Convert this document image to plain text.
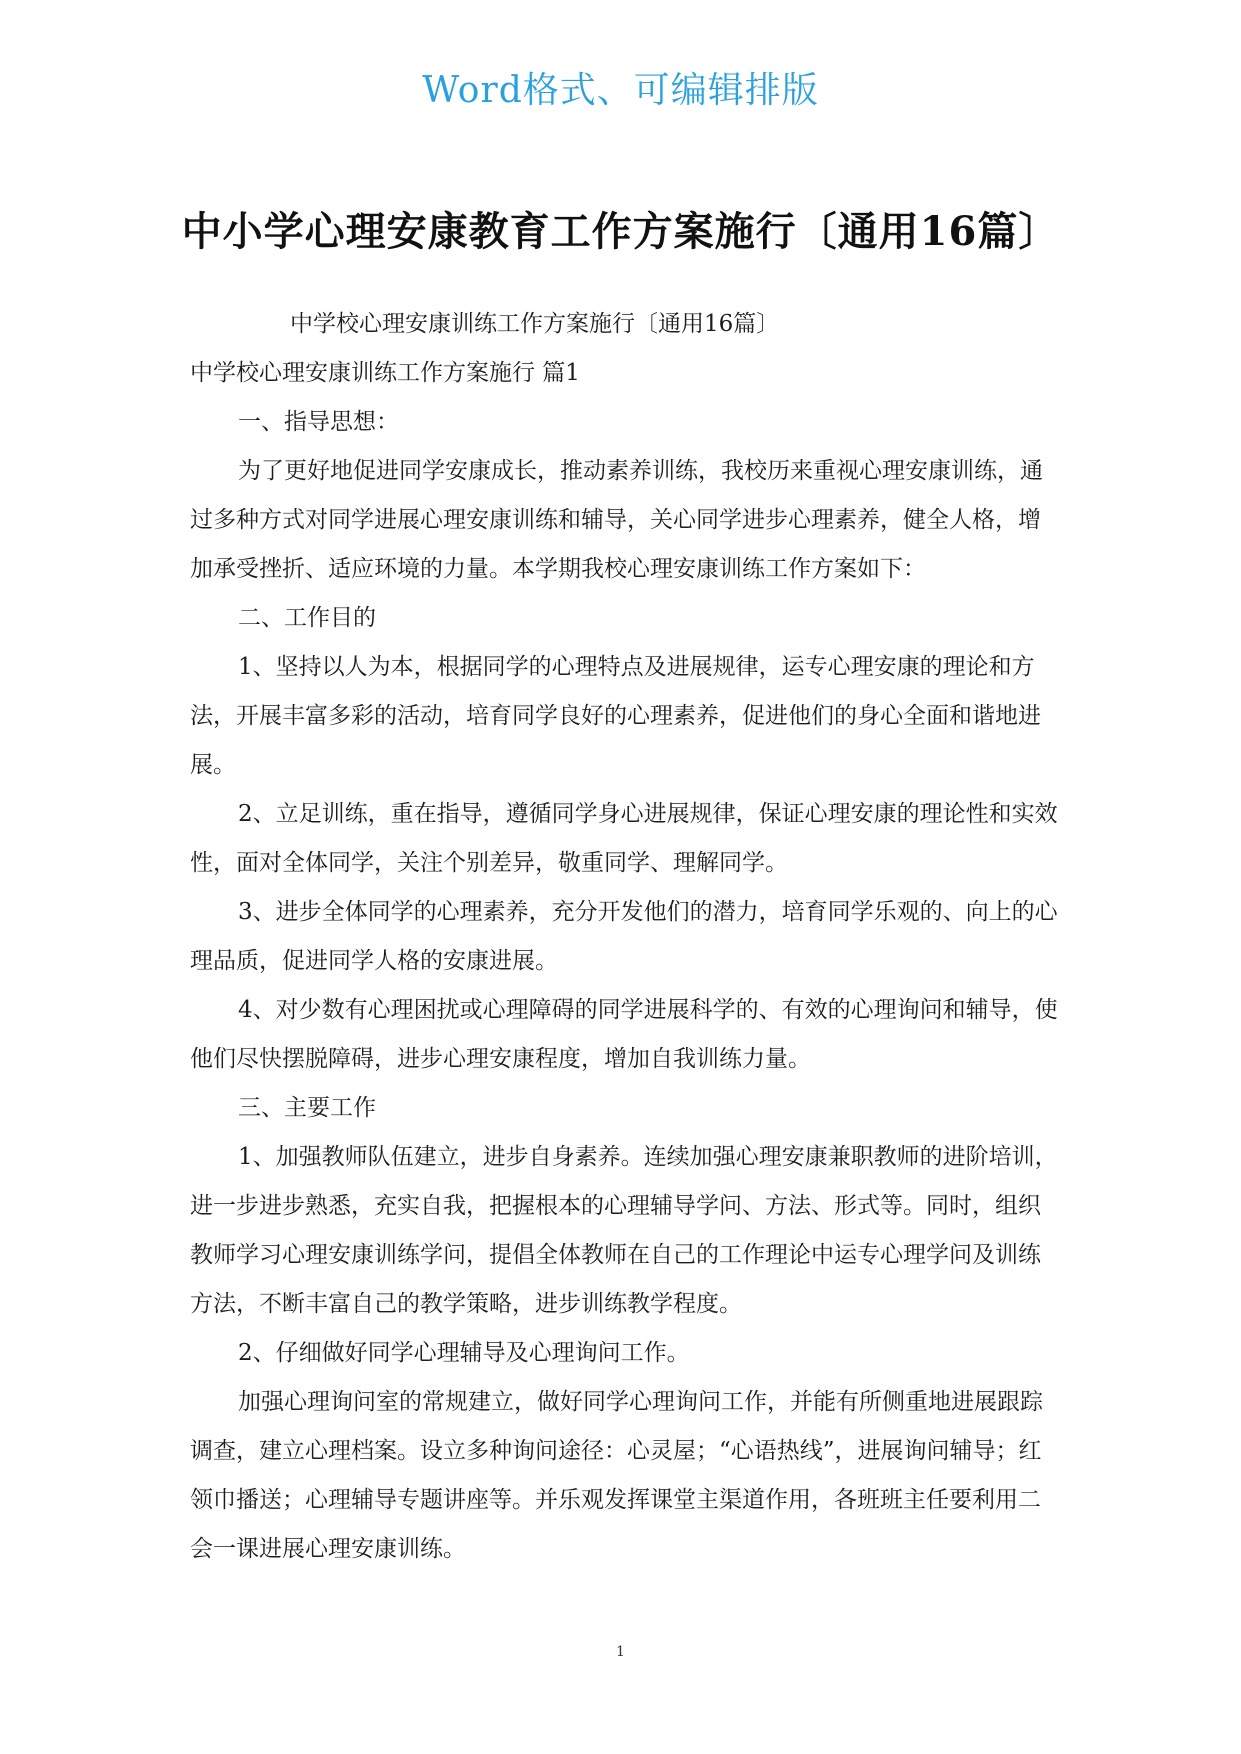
Word格式、可编辑排版
中小学心理安康教育工作方案施行〔通用16篇〕

中学校心理安康训练工作方案施行〔通用16篇〕

中学校心理安康训练工作方案施行 篇1

一、指导思想：

为了更好地促进同学安康成长，推动素养训练，我校历来重视心理安康训练，通过多种方式对同学进展心理安康训练和辅导，关心同学进步心理素养，健全人格，增加承受挫折、适应环境的力量。本学期我校心理安康训练工作方案如下：

二、工作目的

1、坚持以人为本，根据同学的心理特点及进展规律，运专心理安康的理论和方法，开展丰富多彩的活动，培育同学良好的心理素养，促进他们的身心全面和谐地进展。

2、立足训练，重在指导，遵循同学身心进展规律，保证心理安康的理论性和实效性，面对全体同学，关注个别差异，敬重同学、理解同学。

3、进步全体同学的心理素养，充分开发他们的潜力，培育同学乐观的、向上的心理品质，促进同学人格的安康进展。

4、对少数有心理困扰或心理障碍的同学进展科学的、有效的心理询问和辅导，使他们尽快摆脱障碍，进步心理安康程度，增加自我训练力量。

三、主要工作

1、加强教师队伍建立，进步自身素养。连续加强心理安康兼职教师的进阶培训，进一步进步熟悉，充实自我，把握根本的心理辅导学问、方法、形式等。同时，组织教师学习心理安康训练学问，提倡全体教师在自己的工作理论中运专心理学问及训练方法，不断丰富自己的教学策略，进步训练教学程度。

2、仔细做好同学心理辅导及心理询问工作。

加强心理询问室的常规建立，做好同学心理询问工作，并能有所侧重地进展跟踪调查，建立心理档案。设立多种询问途径：心灵屋；“心语热线”，进展询问辅导；红领巾播送；心理辅导专题讲座等。并乐观发挥课堂主渠道作用，各班班主任要利用二会一课进展心理安康训练。

1
